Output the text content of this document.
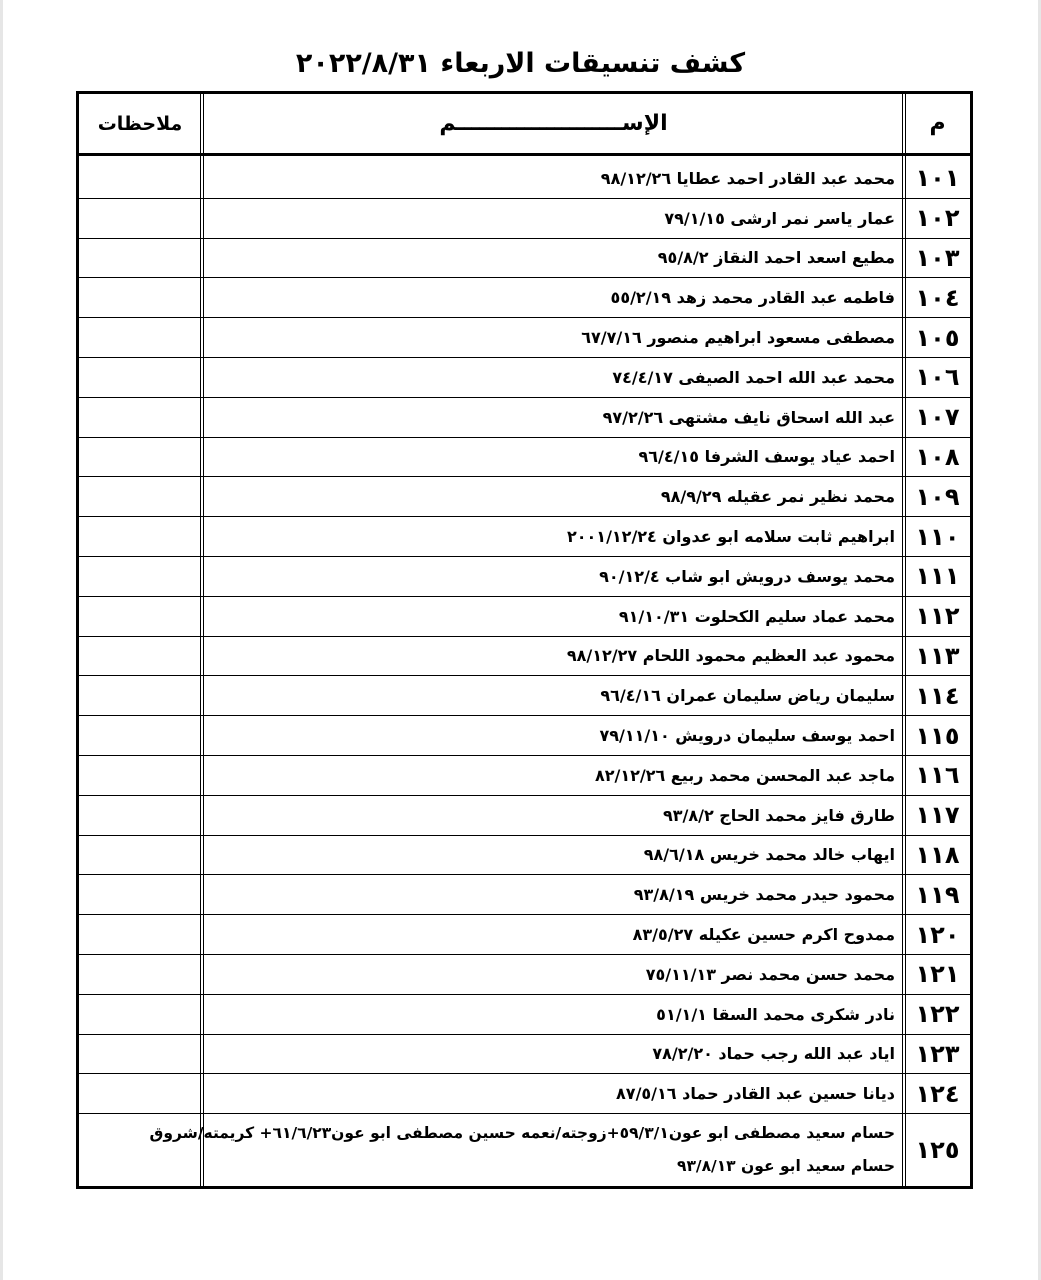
كشف تنسيقات الاربعاء ٢٠٢٢/٨/٣١
م
الإســــــــــــــــــــــم
ملاحظات
١٠١
محمد عبد القادر احمد عطايا ٩٨/١٢/٢٦
١٠٢
عمار ياسر نمر ارشى ٧٩/١/١٥
١٠٣
مطيع اسعد احمد النقاز ٩٥/٨/٢
١٠٤
فاطمه عبد القادر محمد زهد ٥٥/٢/١٩
١٠٥
مصطفى مسعود ابراهيم منصور ٦٧/٧/١٦
١٠٦
محمد عبد الله احمد الصيفى ٧٤/٤/١٧
١٠٧
عبد الله اسحاق نايف مشتهى ٩٧/٢/٢٦
١٠٨
احمد عياد يوسف الشرفا ٩٦/٤/١٥
١٠٩
محمد نظير نمر عقيله ٩٨/٩/٢٩
١١٠
ابراهيم ثابت سلامه ابو عدوان ٢٠٠١/١٢/٢٤
١١١
محمد يوسف درويش ابو شاب ٩٠/١٢/٤
١١٢
محمد عماد سليم الكحلوت ٩١/١٠/٣١
١١٣
محمود عبد العظيم محمود اللحام ٩٨/١٢/٢٧
١١٤
سليمان رياض سليمان عمران ٩٦/٤/١٦
١١٥
احمد يوسف سليمان درويش ٧٩/١١/١٠
١١٦
ماجد عبد المحسن محمد ربيع ٨٢/١٢/٢٦
١١٧
طارق فايز محمد الحاج ٩٣/٨/٢
١١٨
ايهاب خالد محمد خريس ٩٨/٦/١٨
١١٩
محمود حيدر محمد خريس ٩٣/٨/١٩
١٢٠
ممدوح اكرم حسين عكيله ٨٣/٥/٢٧
١٢١
محمد حسن محمد نصر ٧٥/١١/١٣
١٢٢
نادر شكرى محمد السقا ٥١/١/١
١٢٣
اياد عبد الله رجب حماد ٧٨/٢/٢٠
١٢٤
ديانا حسين عبد القادر حماد ٨٧/٥/١٦
١٢٥
حسام سعيد مصطفى ابو عون٥٩/٣/١+زوجته/نعمه حسين مصطفى ابو عون٦١/٦/٢٣+ كريمته/شروق
حسام سعيد ابو عون ٩٣/٨/١٣
